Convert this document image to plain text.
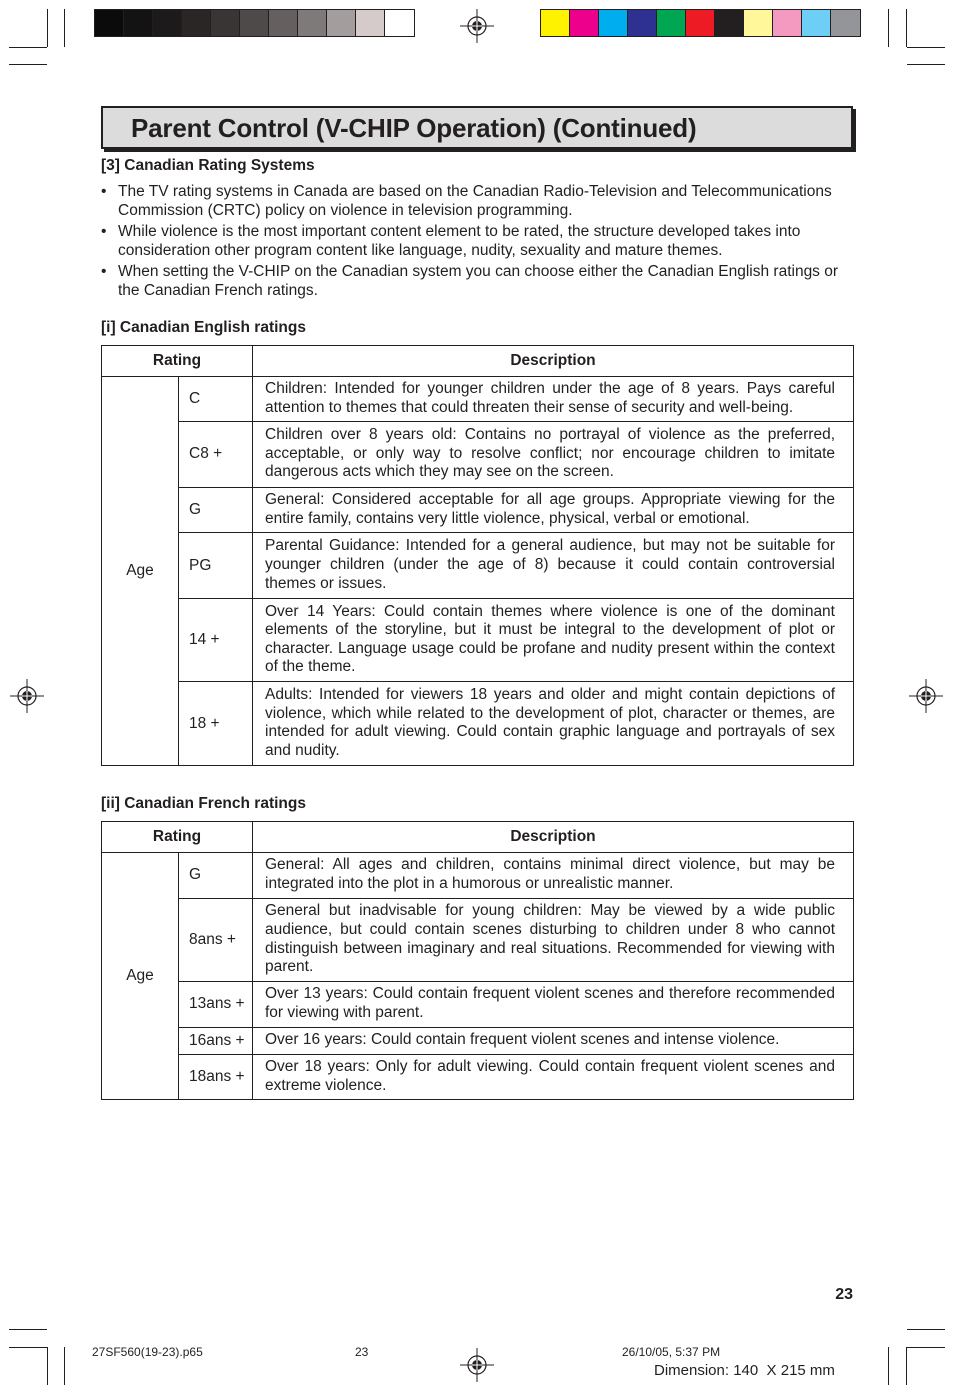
Parent Control (V-CHIP Operation) (Continued)
[3] Canadian Rating Systems
• The TV rating systems in Canada are based on the Canadian Radio-Television and Telecommunications Commission (CRTC) policy on violence in television programming.
• While violence is the most important content element to be rated, the structure developed takes into consideration other program content like language, nudity, sexuality and mature themes.
• When setting the V-CHIP on the Canadian system you can choose either the Canadian English ratings or the Canadian French ratings.
[i] Canadian English ratings
Rating		Description
Age	C	Children: Intended for younger children under the age of 8 years. Pays careful attention to themes that could threaten their sense of security and well-being.
	C8 +	Children over 8 years old: Contains no portrayal of violence as the preferred, acceptable, or only way to resolve conflict; nor encourage children to imitate dangerous acts which they may see on the screen.
	G	General: Considered acceptable for all age groups. Appropriate viewing for the entire family, contains very little violence, physical, verbal or emotional.
	PG	Parental Guidance: Intended for a general audience, but may not be suitable for younger children (under the age of 8) because it could contain controversial themes or issues.
	14 +	Over 14 Years: Could contain themes where violence is one of the dominant elements of the storyline, but it must be integral to the development of plot or character. Language usage could be profane and nudity present within the context of the theme.
	18 +	Adults: Intended for viewers 18 years and older and might contain depictions of violence, which while related to the development of plot, character or themes, are intended for adult viewing. Could contain graphic language and portrayals of sex and nudity.
[ii] Canadian French ratings
Rating		Description
Age	G	General: All ages and children, contains minimal direct violence, but may be integrated into the plot in a humorous or unrealistic manner.
	8ans +	General but inadvisable for young children: May be viewed by a wide public audience, but could contain scenes disturbing to children under 8 who cannot distinguish between imaginary and real situations. Recommended for viewing with parent.
	13ans +	Over 13 years: Could contain frequent violent scenes and therefore recommended for viewing with parent.
	16ans +	Over 16 years: Could contain frequent violent scenes and intense violence.
	18ans +	Over 18 years: Only for adult viewing. Could contain frequent violent scenes and extreme violence.
23
27SF560(19-23).p65	23	26/10/05, 5:37 PM
Dimension: 140  X 215 mm
